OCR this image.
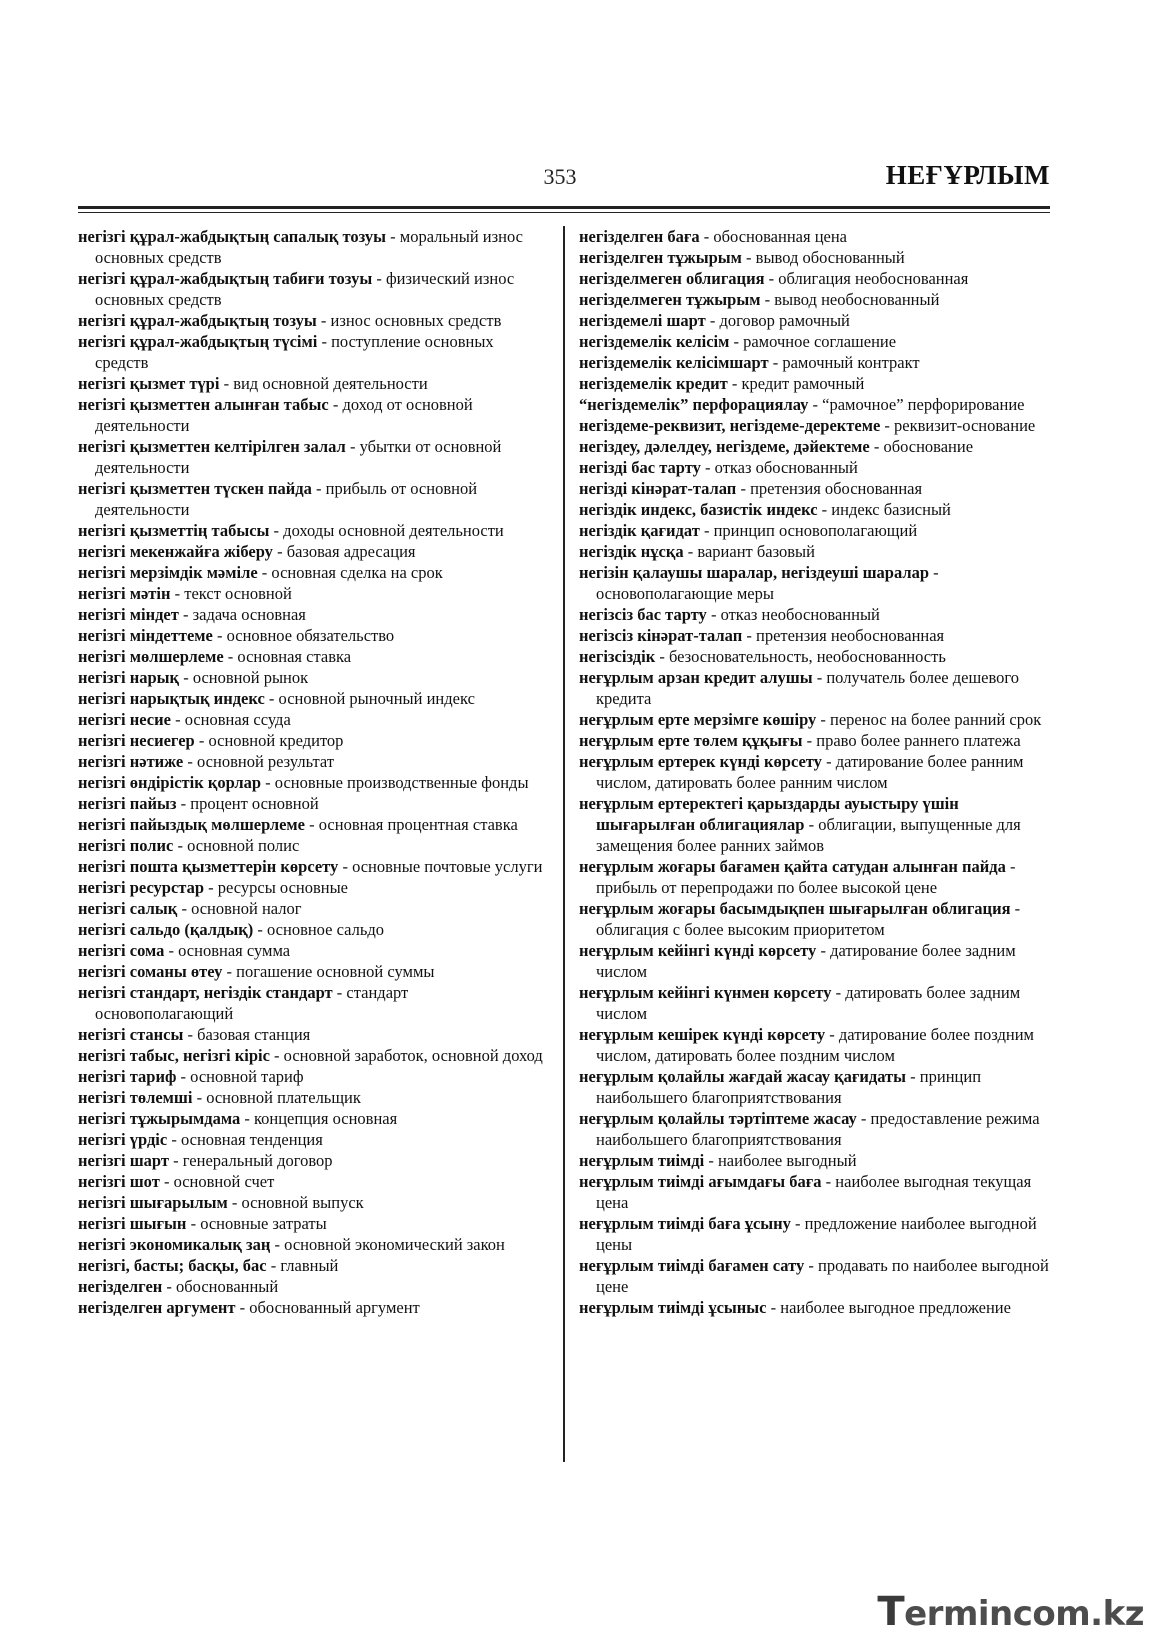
353	НЕҒҰРЛЫМ

негізгі құрал-жабдықтың сапалық тозуы - моральный износ основных средств

негізгі құрал-жабдықтың табиғи тозуы - физический износ основных средств

негізгі құрал-жабдықтың тозуы - износ основных средств

негізгі құрал-жабдықтың түсімі - поступление основных средств

негізгі қызмет түрі - вид основной деятельности

негізгі қызметтен алынған табыс - доход от основной деятельности

негізгі қызметтен келтірілген залал - убытки от основной деятельности

негізгі қызметтен түскен пайда - прибыль от основной деятельности

негізгі қызметтің табысы - доходы основной деятельности

негізгі мекенжайға жіберу - базовая адресация

негізгі мерзімдік мәміле - основная сделка на срок

негізгі мәтін - текст основной

негізгі міндет - задача основная

негізгі міндеттеме - основное обязательство

негізгі мөлшерлеме - основная ставка

негізгі нарық - основной рынок

негізгі нарықтық индекс - основной рыночный индекс

негізгі несие - основная ссуда

негізгі несиегер - основной кредитор

негізгі нәтиже - основной результат

негізгі өндірістік қорлар - основные производственные фонды

негізгі пайыз - процент основной

негізгі пайыздық мөлшерлеме - основная процентная ставка

негізгі полис - основной полис

негізгі пошта қызметтерін көрсету - основные почтовые услуги

негізгі ресурстар - ресурсы основные

негізгі салық - основной налог

негізгі сальдо (қалдық) - основное сальдо

негізгі сома - основная сумма

негізгі соманы өтеу - погашение основной суммы

негізгі стандарт, негіздік стандарт - стандарт основополагающий

негізгі стансы - базовая станция

негізгі табыс, негізгі кіріс - основной заработок, основной доход

негізгі тариф - основной тариф

негізгі төлемші - основной плательщик

негізгі тұжырымдама - концепция основная

негізгі үрдіс - основная тенденция

негізгі шарт - генеральный договор

негізгі шот - основной счет

негізгі шығарылым - основной выпуск

негізгі шығын - основные затраты

негізгі экономикалық заң - основной экономический закон

негізгі, басты; басқы, бас - главный

негізделген - обоснованный

негізделген аргумент - обоснованный аргумент

негізделген баға - обоснованная цена

негізделген тұжырым - вывод обоснованный

негізделмеген облигация - облигация необоснованная

негізделмеген тұжырым - вывод необоснованный

негіздемелі шарт - договор рамочный

негіздемелік келісім - рамочное соглашение

негіздемелік келісімшарт - рамочный контракт

негіздемелік кредит - кредит рамочный

“негіздемелік” перфорациялау - “рамочное” перфорирование

негіздеме-реквизит, негіздеме-деректеме - реквизит-основание

негіздеу, дәлелдеу, негіздеме, дәйектеме - обоснование

негізді бас тарту - отказ обоснованный

негізді кінәрат-талап - претензия обоснованная

негіздік индекс, базистік индекс - индекс базисный

негіздік қағидат - принцип основополагающий

негіздік нұсқа - вариант базовый

негізін қалаушы шаралар, негіздеуші шаралар - основополагающие меры

негізсіз бас тарту - отказ необоснованный

негізсіз кінәрат-талап - претензия необоснованная

негізсіздік - безосновательность, необоснованность

неғұрлым арзан кредит алушы - получатель более дешевого кредита

неғұрлым ерте мерзімге көшіру - перенос на более ранний срок

неғұрлым ерте төлем құқығы - право более раннего платежа

неғұрлым ертерек күнді көрсету - датирование более ранним числом, датировать более ранним числом

неғұрлым ертеректегі қарыздарды ауыстыру үшін шығарылған облигациялар - облигации, выпущенные для замещения более ранних займов

неғұрлым жоғары бағамен қайта сатудан алынған пайда - прибыль от перепродажи по более высокой цене

неғұрлым жоғары басымдықпен шығарылған облигация - облигация с более высоким приоритетом

неғұрлым кейінгі күнді көрсету - датирование более задним числом

неғұрлым кейінгі күнмен көрсету - датировать более задним числом

неғұрлым кешірек күнді көрсету - датирование более поздним числом, датировать более поздним числом

неғұрлым қолайлы жағдай жасау қағидаты - принцип наибольшего благоприятствования

неғұрлым қолайлы тәртіптеме жасау - предоставление режима наибольшего благоприятствования

неғұрлым тиімді - наиболее выгодный

неғұрлым тиімді ағымдағы баға - наиболее выгодная текущая цена

неғұрлым тиімді баға ұсыну - предложение наиболее выгодной цены

неғұрлым тиімді бағамен сату - продавать по наиболее выгодной цене

неғұрлым тиімді ұсыныс - наиболее выгодное предложение

Termincom.kz
